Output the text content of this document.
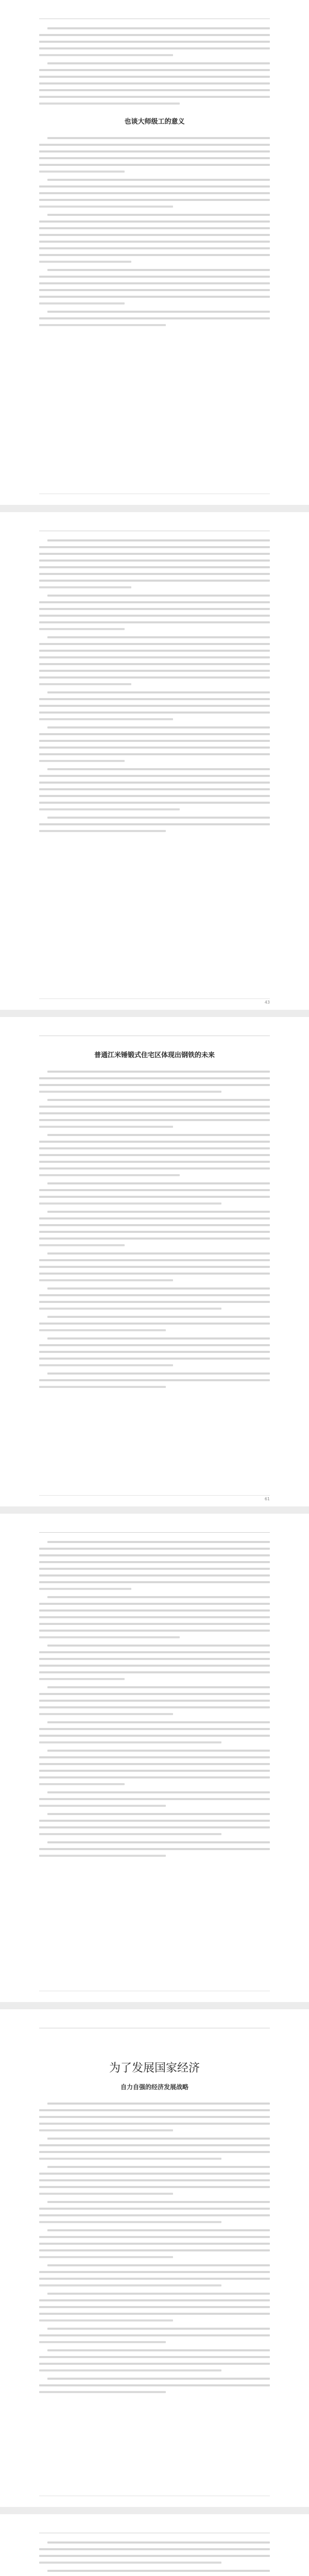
也谈大师级工的意义
43
普通江米锤锻式住宅区体现出钢铁的未来
61
为了发展国家经济
自力自强的经济发展战略
